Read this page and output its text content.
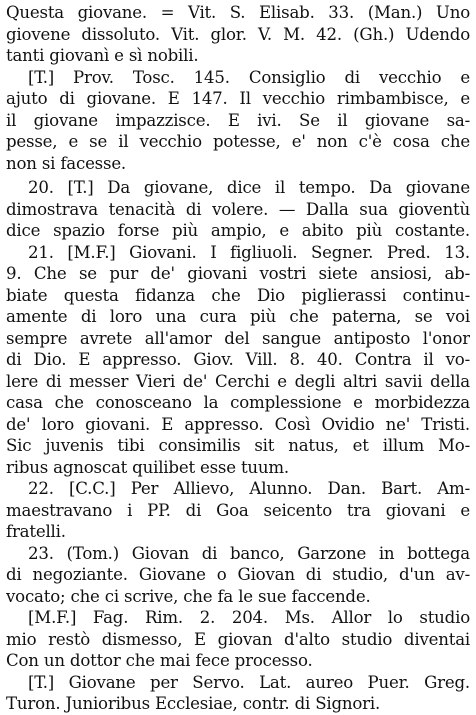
Questa giovane. = Vit. S. Elisab. 33. (Man.) Uno
giovene dissoluto. Vit. glor. V. M. 42. (Gh.) Udendo
tanti giovanì e sì nobili.
[T.] Prov. Tosc. 145. Consiglio di vecchio e
ajuto di giovane. E 147. Il vecchio rimbambisce, e
il giovane impazzisce. E ivi. Se il giovane sa-
pesse, e se il vecchio potesse, e' non c'è cosa che
non si facesse.
20. [T.] Da giovane, dice il tempo. Da giovane
dimostrava tenacità di volere. — Dalla sua gioventù
dice spazio forse più ampio, e abito più costante.
21. [M.F.] Giovani. I figliuoli. Segner. Pred. 13.
9. Che se pur de' giovani vostri siete ansiosi, ab-
biate questa fidanza che Dio piglierassi continu-
amente di loro una cura più che paterna, se voi
sempre avrete all'amor del sangue antiposto l'onor
di Dio. E appresso. Giov. Vill. 8. 40. Contra il vo-
lere di messer Vieri de' Cerchi e degli altri savii della
casa che conosceano la complessione e morbidezza
de' loro giovani. E appresso. Così Ovidio ne' Tristi.
Sic juvenis tibi consimilis sit natus, et illum Mo-
ribus agnoscat quilibet esse tuum.
22. [C.C.] Per Allievo, Alunno. Dan. Bart. Am-
maestravano i PP. di Goa seicento tra giovani e
fratelli.
23. (Tom.) Giovan di banco, Garzone in bottega
di negoziante. Giovane o Giovan di studio, d'un av-
vocato; che ci scrive, che fa le sue faccende.
[M.F.] Fag. Rim. 2. 204. Ms. Allor lo studio
mio restò dismesso, E giovan d'alto studio diventai
Con un dottor che mai fece processo.
[T.] Giovane per Servo. Lat. aureo Puer. Greg.
Turon. Junioribus Ecclesiae, contr. di Signori.
